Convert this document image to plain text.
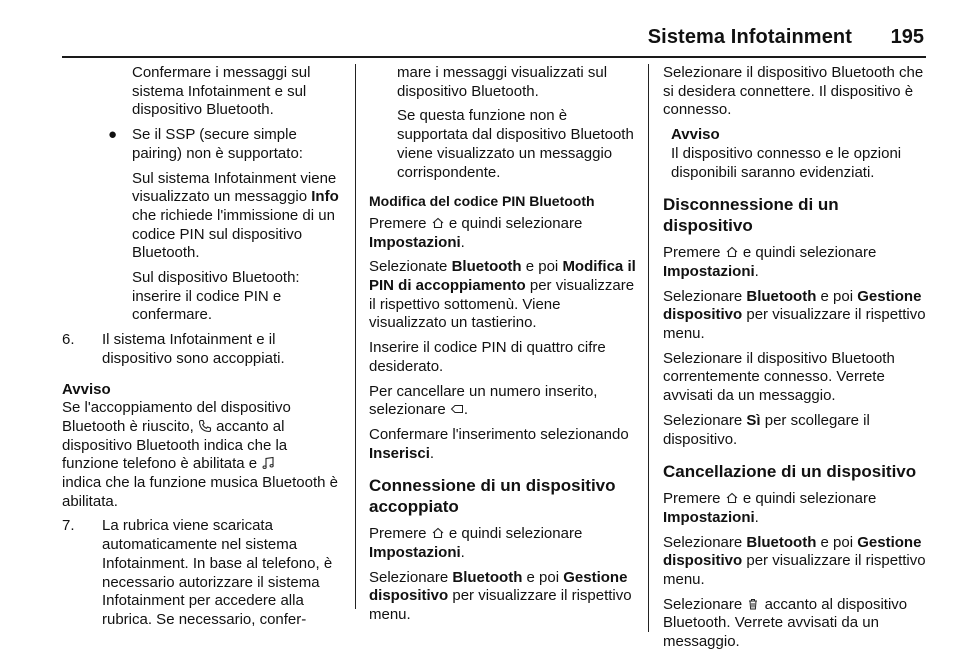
Sistema Infotainment 195

Confermare i messaggi sul sistema Infotainment e sul dispositivo Bluetooth.

● Se il SSP (secure simple pairing) non è supportato:

Sul sistema Infotainment viene visualizzato un messaggio Info che richiede l'immissione di un codice PIN sul dispositivo Bluetooth.

Sul dispositivo Bluetooth: inserire il codice PIN e confermare.

6. Il sistema Infotainment e il dispositivo sono accoppiati.

Avviso

Se l'accoppiamento del dispositivo Bluetooth è riuscito, accanto al dispositivo Bluetooth indica che la funzione telefono è abilitata e
indica che la funzione musica Bluetooth è abilitata.

7. La rubrica viene scaricata automaticamente nel sistema Infotainment. In base al telefono, è necessario autorizzare il sistema Infotainment per accedere alla rubrica. Se necessario, confer-

mare i messaggi visualizzati sul dispositivo Bluetooth.

Se questa funzione non è supportata dal dispositivo Bluetooth viene visualizzato un messaggio corrispondente.

Modifica del codice PIN Bluetooth

Premere e quindi selezionare
Impostazioni.

Selezionate Bluetooth e poi Modifica il PIN di accoppiamento per visualizzare il rispettivo sottomenù. Viene visualizzato un tastierino.

Inserire il codice PIN di quattro cifre desiderato.

Per cancellare un numero inserito, selezionare .

Confermare l'inserimento selezionando Inserisci.

Connessione di un dispositivo accoppiato

Premere e quindi selezionare
Impostazioni.

Selezionare Bluetooth e poi Gestione dispositivo per visualizzare il rispettivo menu.

Selezionare il dispositivo Bluetooth che si desidera connettere. Il dispositivo è connesso.

Avviso

Il dispositivo connesso e le opzioni disponibili saranno evidenziati.

Disconnessione di un dispositivo

Premere e quindi selezionare
Impostazioni.

Selezionare Bluetooth e poi Gestione dispositivo per visualizzare il rispettivo menu.

Selezionare il dispositivo Bluetooth correntemente connesso. Verrete avvisati da un messaggio.

Selezionare Sì per scollegare il dispositivo.

Cancellazione di un dispositivo

Premere e quindi selezionare
Impostazioni.

Selezionare Bluetooth e poi Gestione dispositivo per visualizzare il rispettivo menu.

Selezionare accanto al dispositivo Bluetooth. Verrete avvisati da un messaggio.
